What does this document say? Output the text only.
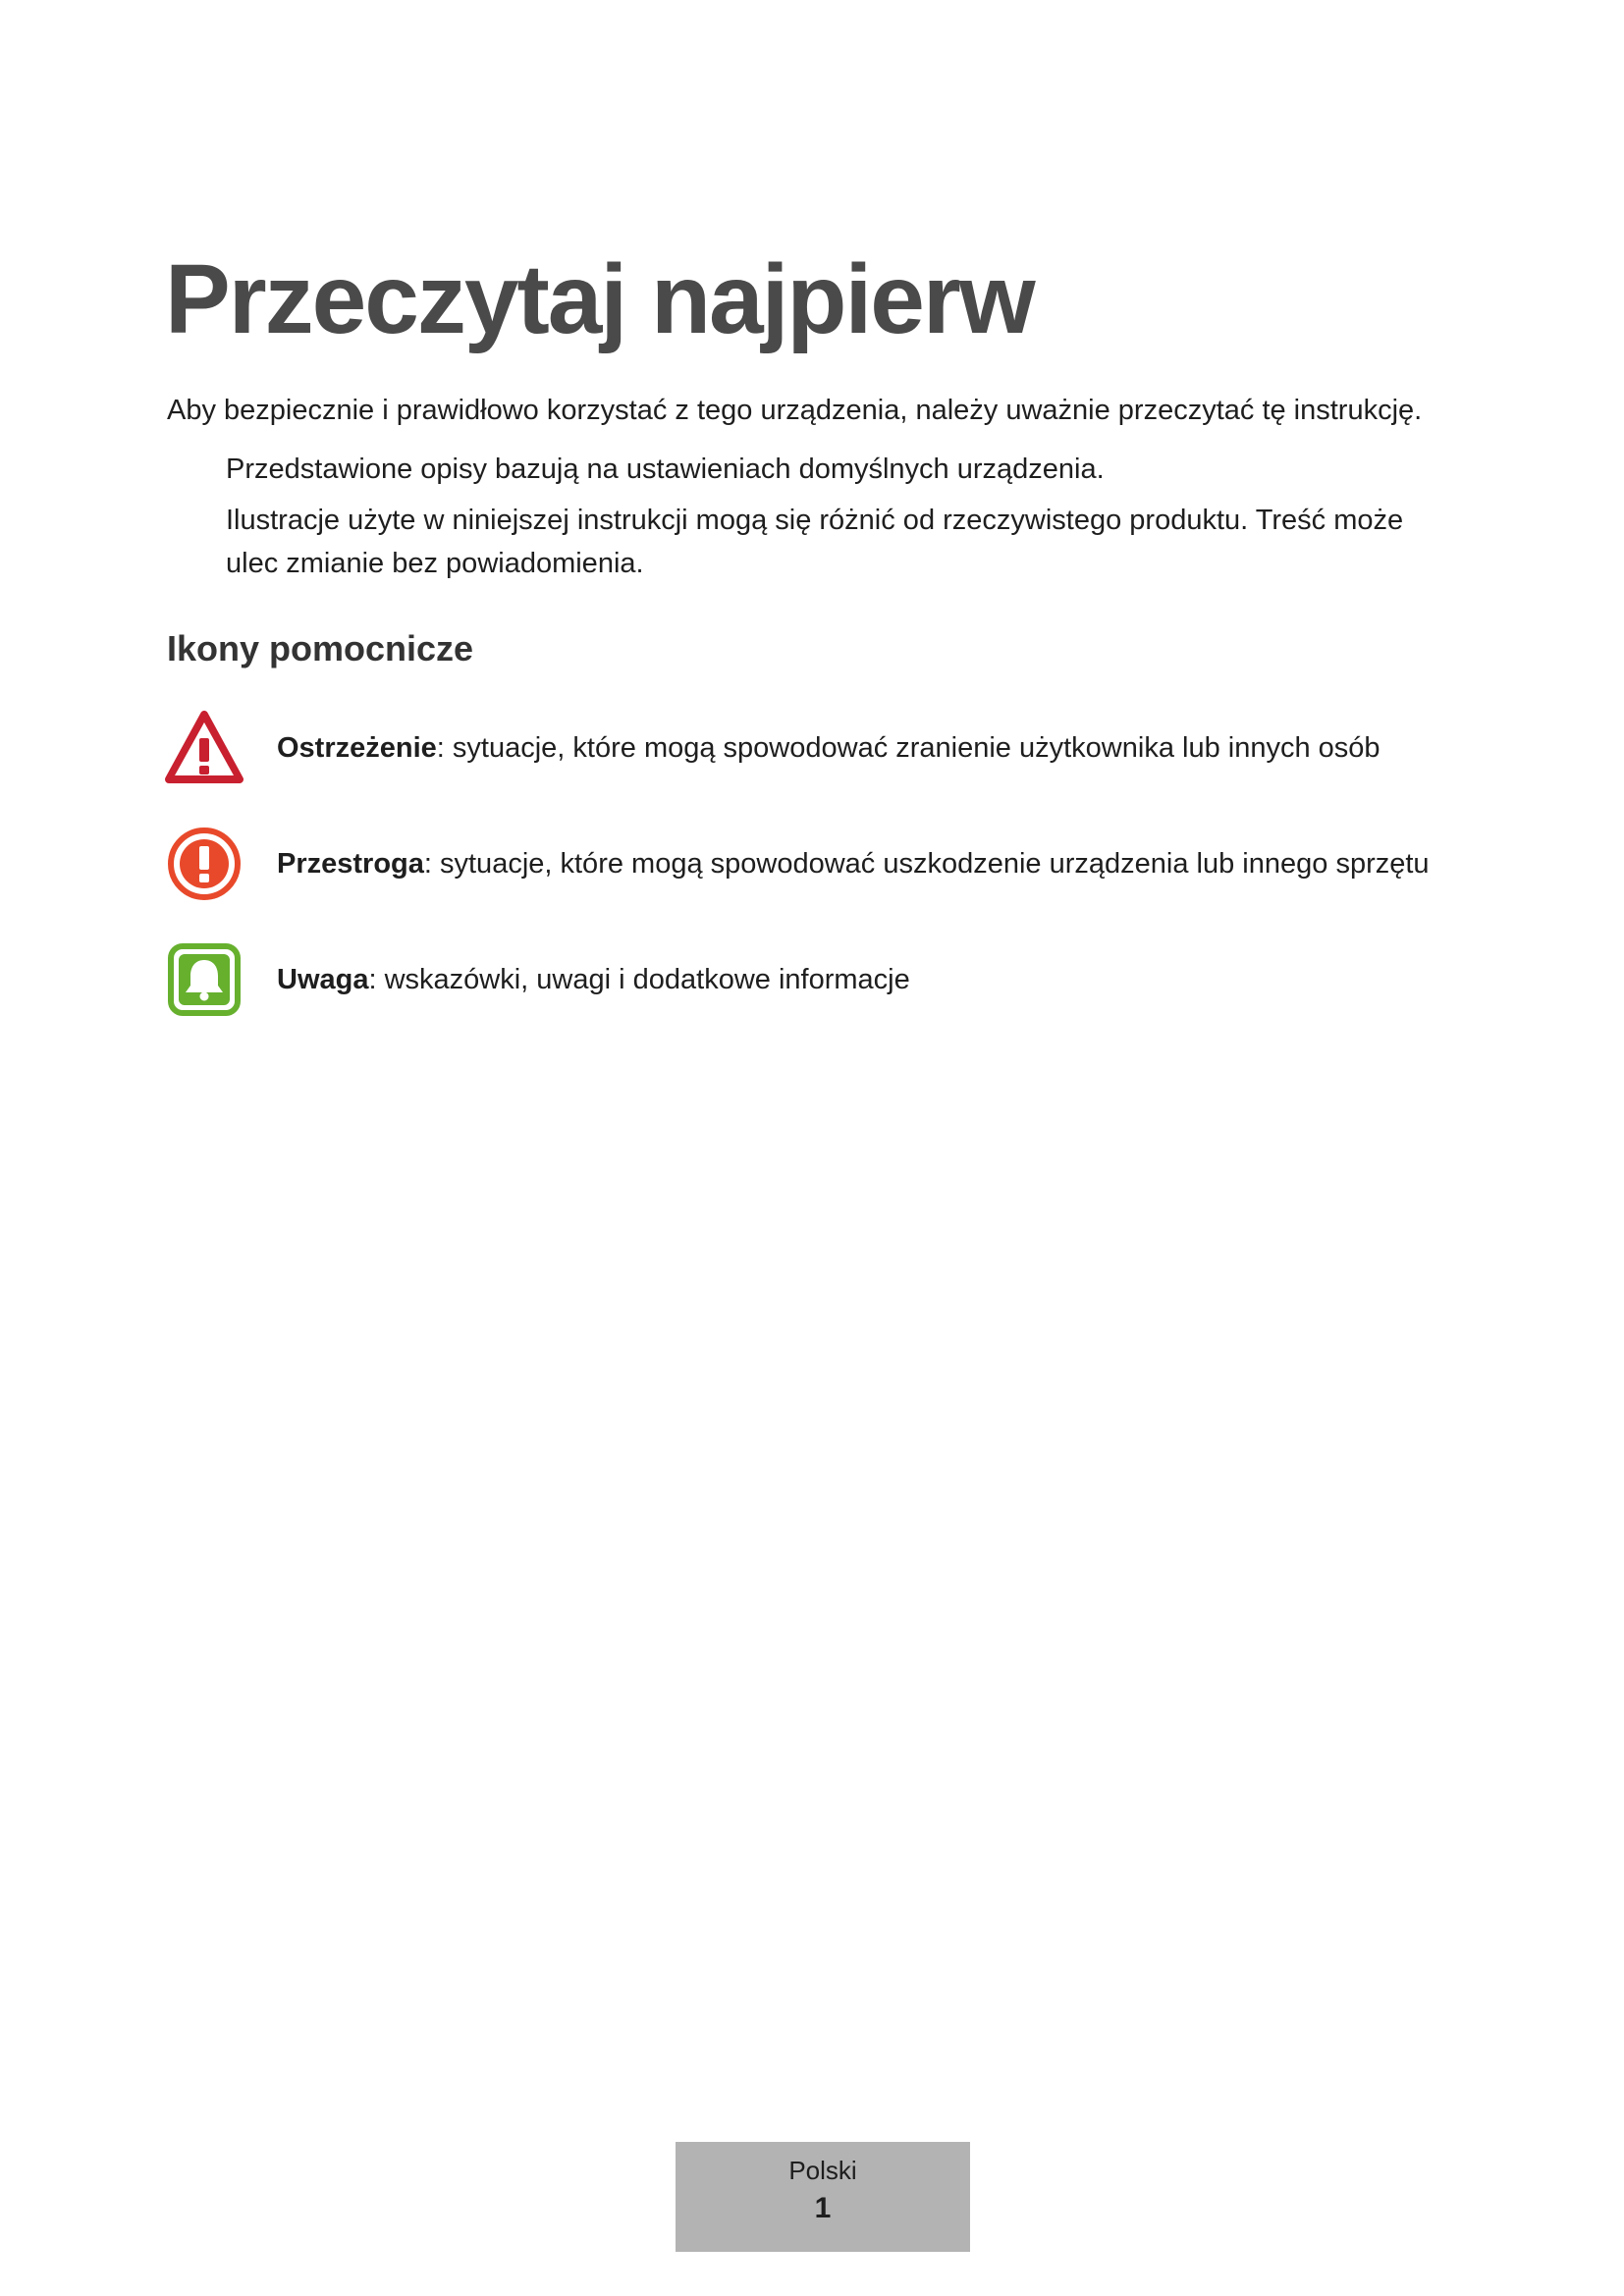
Przeczytaj najpierw

Aby bezpiecznie i prawidłowo korzystać z tego urządzenia, należy uważnie przeczytać tę instrukcję.

Przedstawione opisy bazują na ustawieniach domyślnych urządzenia.
Ilustracje użyte w niniejszej instrukcji mogą się różnić od rzeczywistego produktu. Treść może ulec zmianie bez powiadomienia.
Ikony pomocnicze
Ostrzeżenie: sytuacje, które mogą spowodować zranienie użytkownika lub innych osób
Przestroga: sytuacje, które mogą spowodować uszkodzenie urządzenia lub innego sprzętu
Uwaga: wskazówki, uwagi i dodatkowe informacje
Polski
1
